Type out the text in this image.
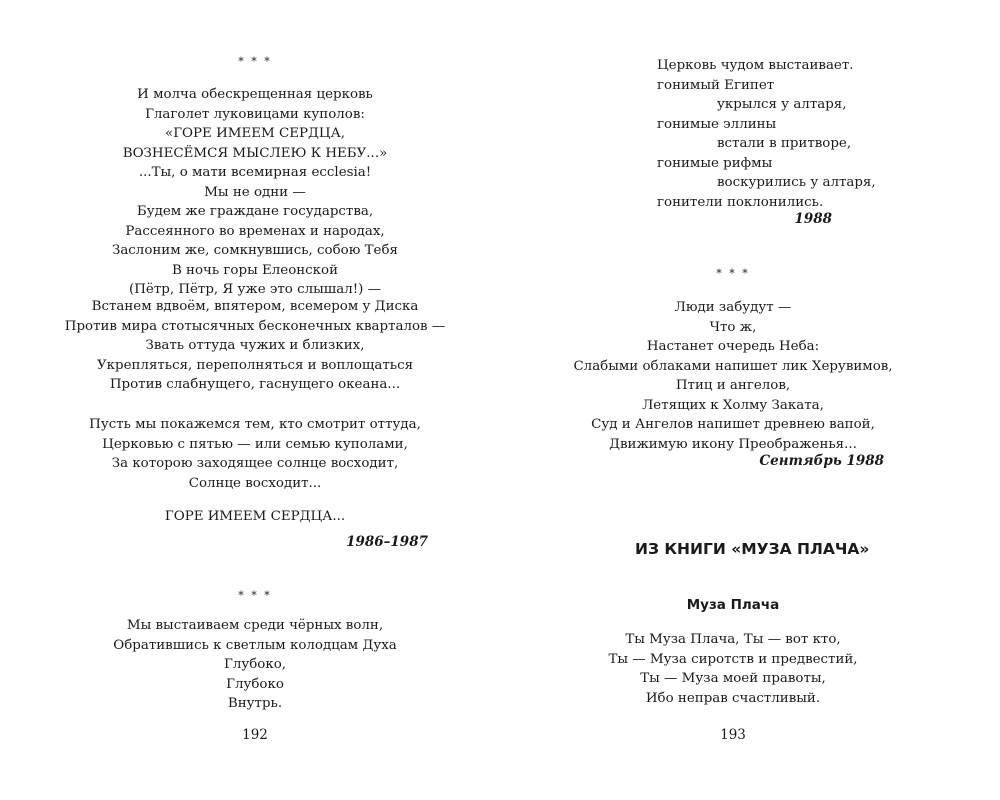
* * *
И молча обескрещенная церковь
Глаголет луковицами куполов:
«ГОРЕ ИМЕЕМ СЕРДЦА,
ВОЗНЕСЁМСЯ МЫСЛЕЮ К НЕБУ...»
...Ты, о мати всемирная ecclesia!
Мы не одни —
Будем же граждане государства,
Рассеянного во временах и народах,
Заслоним же, сомкнувшись, собою Тебя
В ночь горы Елеонской
(Пётр, Пётр, Я уже это слышал!) —
Встанем вдвоём, впятером, всемером у Диска
Против мира стотысячных бесконечных кварталов —
Звать оттуда чужих и близких,
Укрепляться, переполняться и воплощаться
Против слабнущего, гаснущего океана...
Пусть мы покажемся тем, кто смотрит оттуда,
Церковью с пятью — или семью куполами,
За которою заходящее солнце восходит,
Солнце восходит...
ГОРЕ ИМЕЕМ СЕРДЦА...
1986–1987
* * *
Мы выстаиваем среди чёрных волн,
Обратившись к светлым колодцам Духа
Глубоко,
Глубоко
Внутрь.
192
Церковь чудом выстаивает.
гонимый Египет
укрылся у алтаря,
гонимые эллины
встали в притворе,
гонимые рифмы
воскурились у алтаря,
гонители поклонились.
1988
* * *
Люди забудут —
Что ж,
Настанет очередь Неба:
Слабыми облаками напишет лик Херувимов,
Птиц и ангелов,
Летящих к Холму Заката,
Суд и Ангелов напишет древнею вапой,
Движимую икону Преображенья...
Сентябрь 1988
ИЗ КНИГИ «МУЗА ПЛАЧА»
Муза Плача
Ты Муза Плача, Ты — вот кто,
Ты — Муза сиротств и предвестий,
Ты — Муза моей правоты,
Ибо неправ счастливый.
193
